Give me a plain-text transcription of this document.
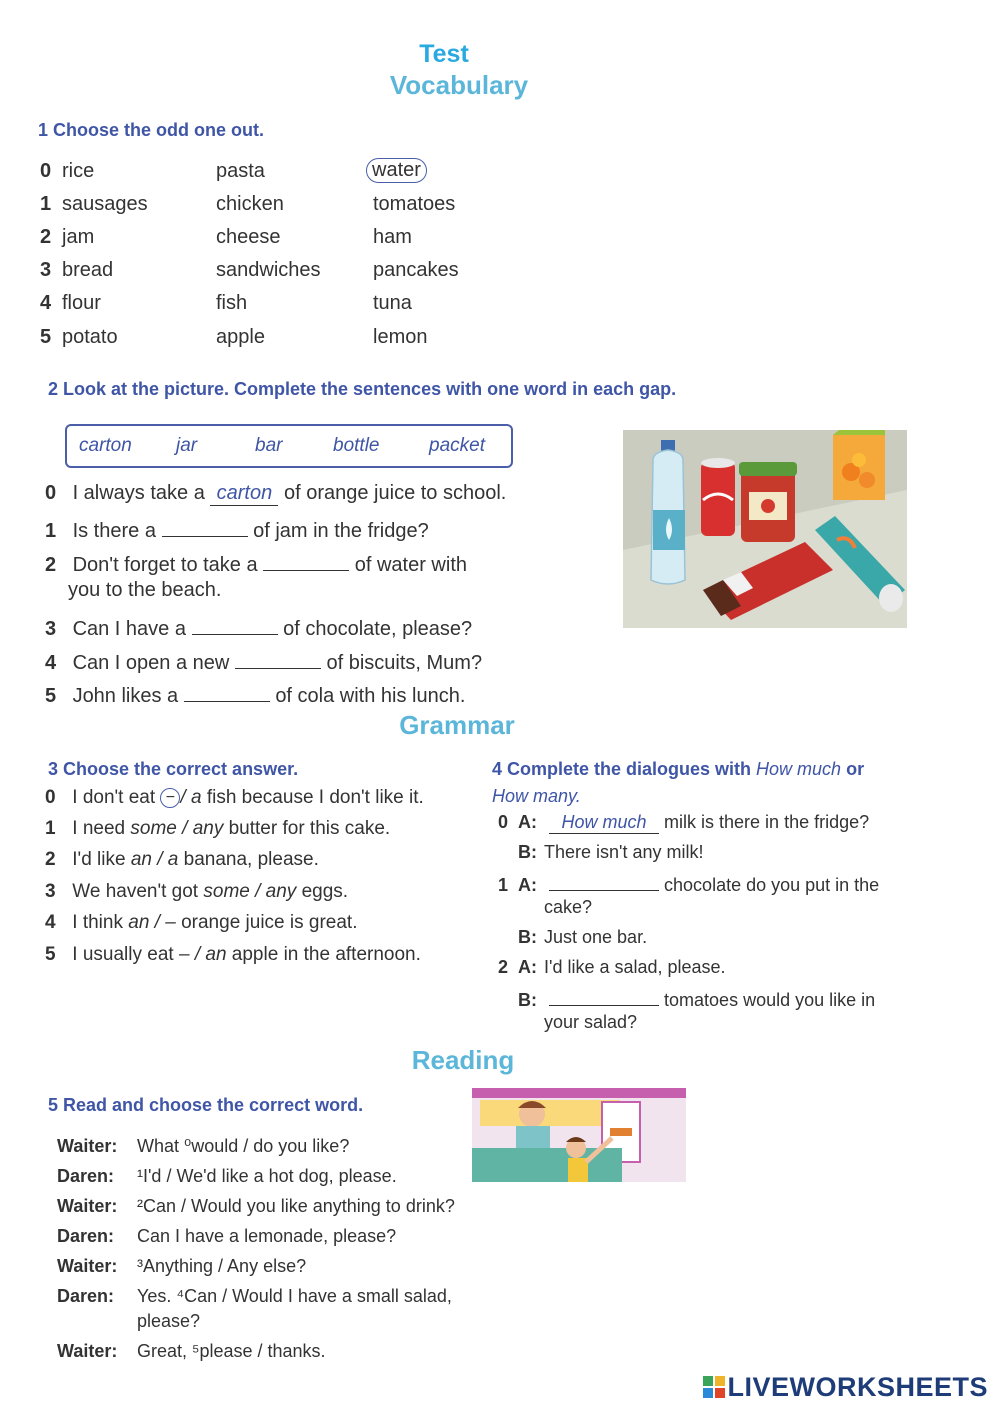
Test
Vocabulary
1 Choose the odd one out.
0 rice	pasta	water
1 sausages	chicken	tomatoes
2 jam	cheese	ham
3 bread	sandwiches	pancakes
4 flour	fish	tuna
5 potato	apple	lemon
2 Look at the picture. Complete the sentences with one word in each gap.
carton jar	bar	bottle	packet
0 I always take a carton of orange juice to school.
1 Is there a	of jam in the fridge?
2 Don't forget to take a	of water with
you to the beach.
3 Can I have a	of chocolate, please?
4 Can I open a new	of biscuits, Mum?
5 John likes a	of cola with his lunch.
Grammar
3 Choose the correct answer.
0 I don't eat − / a fish because I don't like it.
1 I need some / any butter for this cake.
2 I'd like an / a banana, please.
3 We haven't got some / any eggs.
4 I think an / – orange juice is great.
5 I usually eat – / an apple in the afternoon.
4 Complete the dialogues with How much or
How many.
0 A: How much milk is there in the fridge?
B: There isn't any milk!
1 A:	chocolate do you put in the
cake?
B: Just one bar.
2 A: I'd like a salad, please.
B:	tomatoes would you like in
your salad?
Reading
5 Read and choose the correct word.
Waiter: What ⁰would / do you like?
Daren: ¹I'd / We'd like a hot dog, please.
Waiter: ²Can / Would you like anything to drink?
Daren: Can I have a lemonade, please?
Waiter: ³Anything / Any else?
Daren: Yes. ⁴Can / Would I have a small salad,
please?
Waiter: Great, ⁵please / thanks.
LIVEWORKSHEETS
